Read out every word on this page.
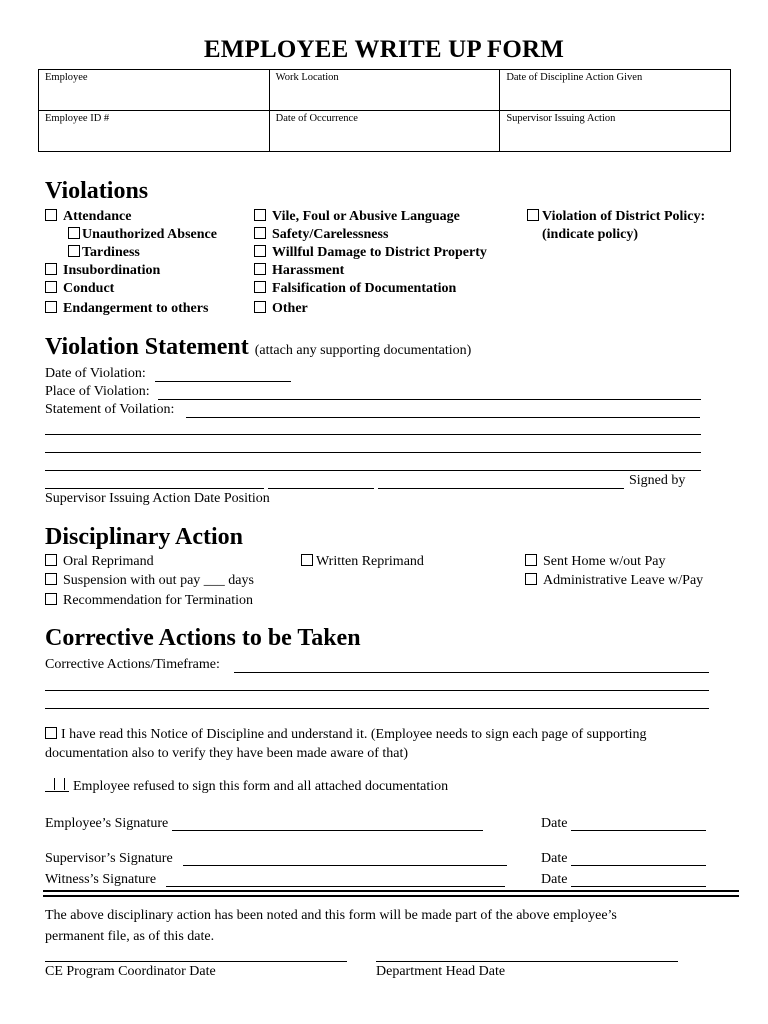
EMPLOYEE WRITE UP FORM
Employee	Work Location	Date of Discipline Action Given
Employee ID #	Date of Occurrence	Supervisor Issuing Action
Violations
Attendance
Unauthorized Absence
Tardiness
Insubordination
Conduct
Endangerment to others
Vile, Foul or Abusive Language
Safety/Carelessness
Willful Damage to District Property
Harassment
Falsification of Documentation
Other
Violation of District Policy:
(indicate policy)
Violation Statement (attach any supporting documentation)
Date of Violation:
Place of Violation:
Statement of Voilation:
Signed by
Supervisor Issuing Action Date Position
Disciplinary Action
Oral Reprimand
Suspension with out pay ___ days
Recommendation for Termination
Written Reprimand	Sent Home w/out Pay
Administrative Leave w/Pay
Corrective Actions to be Taken
Corrective Actions/Timeframe:
I have read this Notice of Discipline and understand it. (Employee needs to sign each page of supporting
documentation also to verify they have been made aware of that)
Employee refused to sign this form and all attached documentation
Employee’s Signature	Date
Supervisor’s Signature	Date
Witness’s Signature	Date
The above disciplinary action has been noted and this form will be made part of the above employee’s
permanent file, as of this date.
CE Program Coordinator Date	Department Head Date
